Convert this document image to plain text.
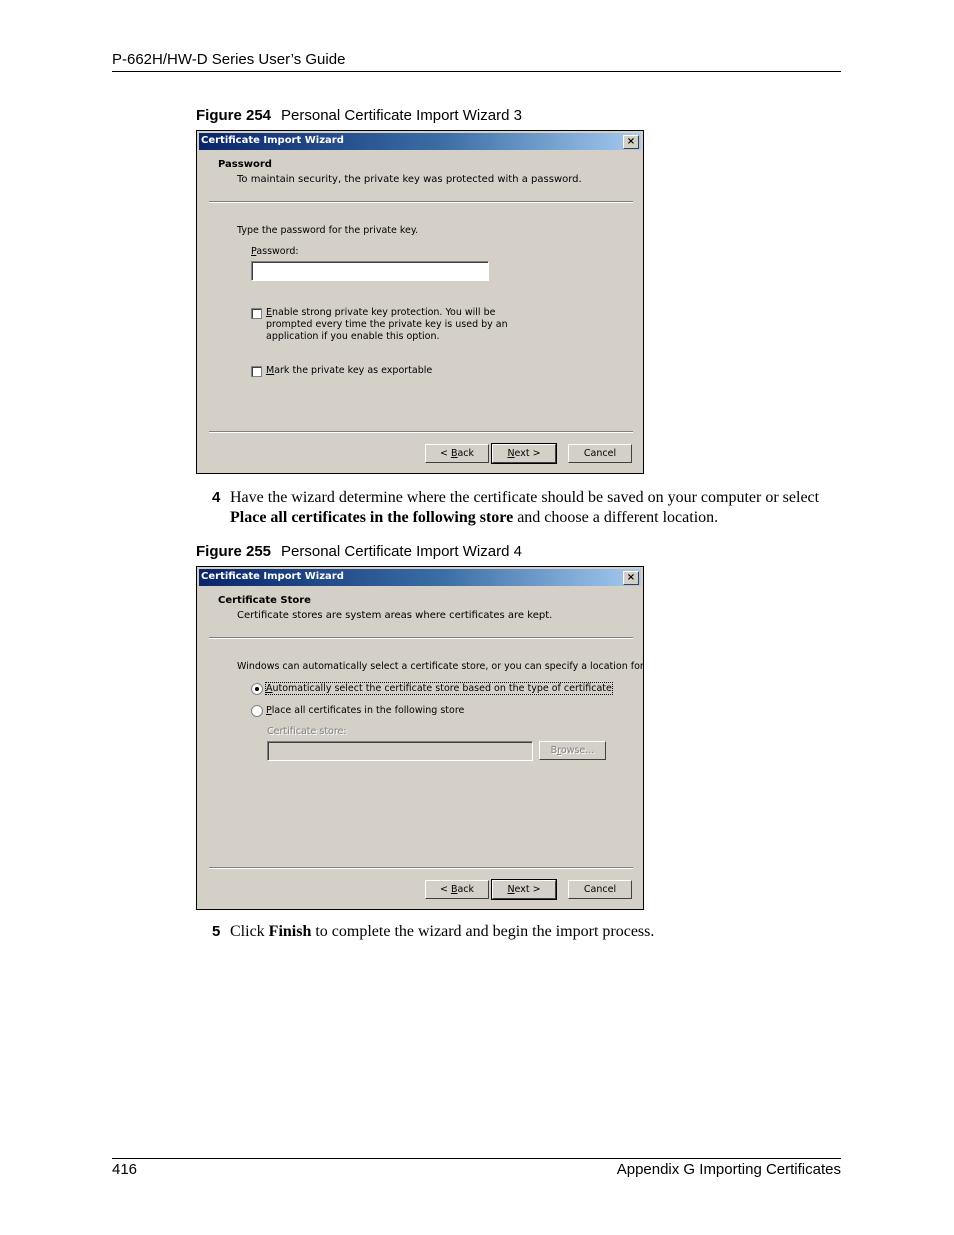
P-662H/HW-D Series User’s Guide
Figure 254 Personal Certificate Import Wizard 3
Certificate Import Wizard	×
Password
To maintain security, the private key was protected with a password.
Type the password for the private key.
Password:
Enable strong private key protection. You will be
prompted every time the private key is used by an
application if you enable this option.
Mark the private key as exportable
< Back	Next >	Cancel
4 Have the wizard determine where the certificate should be saved on your computer or select Place all certificates in the following store and choose a different location.
Figure 255 Personal Certificate Import Wizard 4
Certificate Import Wizard	×
Certificate Store
Certificate stores are system areas where certificates are kept.
Windows can automatically select a certificate store, or you can specify a location for
Automatically select the certificate store based on the type of certificate
Place all certificates in the following store
Certificate store:
Browse...
< Back	Next >	Cancel
5 Click Finish to complete the wizard and begin the import process.
416	Appendix G Importing Certificates
